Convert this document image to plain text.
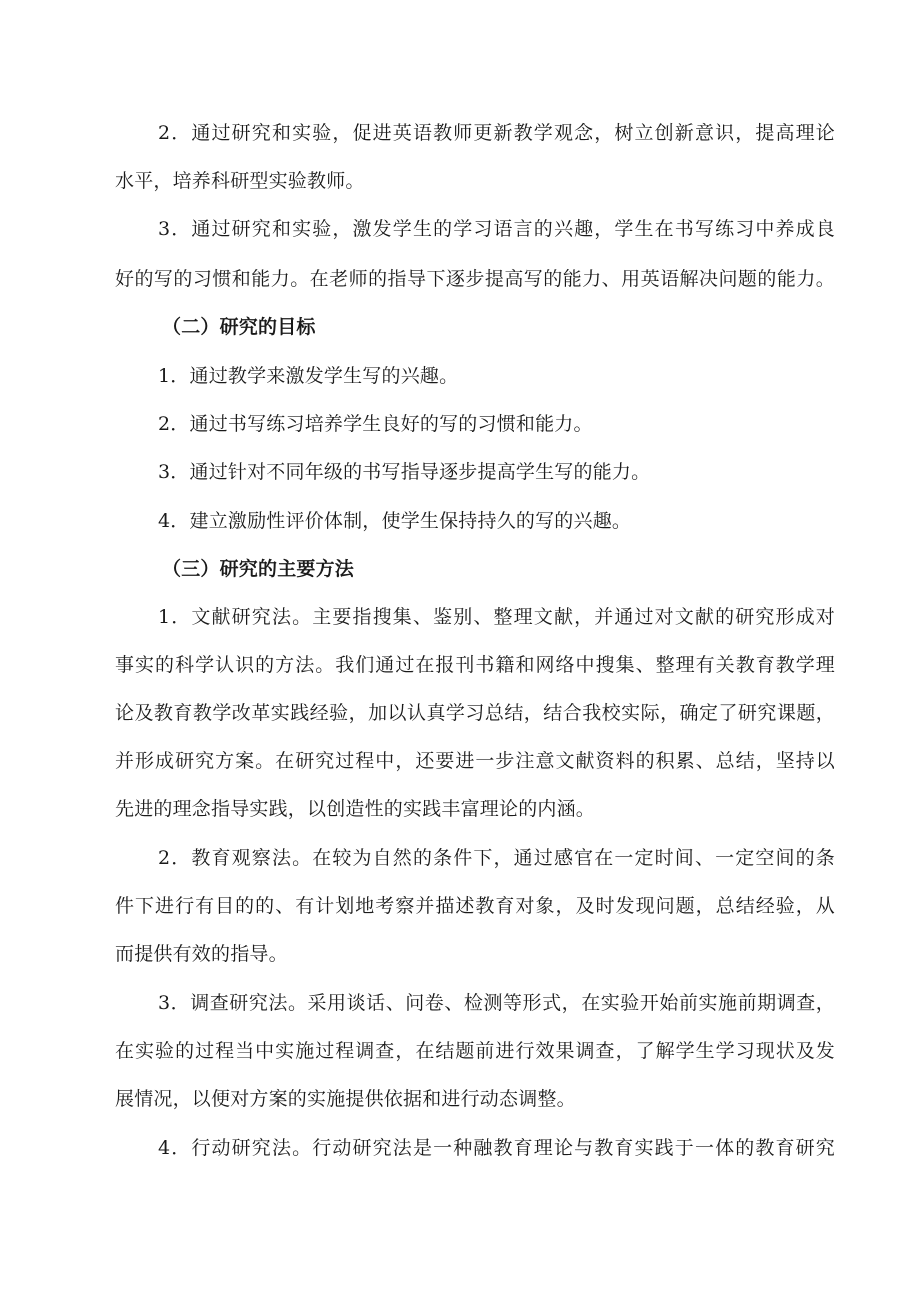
2．通过研究和实验，促进英语教师更新教学观念，树立创新意识，提高理论
水平，培养科研型实验教师。
3．通过研究和实验，激发学生的学习语言的兴趣，学生在书写练习中养成良
好的写的习惯和能力。在老师的指导下逐步提高写的能力、用英语解决问题的能力。
（二）研究的目标
1．通过教学来激发学生写的兴趣。
2．通过书写练习培养学生良好的写的习惯和能力。
3．通过针对不同年级的书写指导逐步提高学生写的能力。
4．建立激励性评价体制，使学生保持持久的写的兴趣。
（三）研究的主要方法
1．文献研究法。主要指搜集、鉴别、整理文献，并通过对文献的研究形成对
事实的科学认识的方法。我们通过在报刊书籍和网络中搜集、整理有关教育教学理
论及教育教学改革实践经验，加以认真学习总结，结合我校实际，确定了研究课题，
并形成研究方案。在研究过程中，还要进一步注意文献资料的积累、总结，坚持以
先进的理念指导实践，以创造性的实践丰富理论的内涵。
2．教育观察法。在较为自然的条件下，通过感官在一定时间、一定空间的条
件下进行有目的的、有计划地考察并描述教育对象，及时发现问题，总结经验，从
而提供有效的指导。
3．调查研究法。采用谈话、问卷、检测等形式，在实验开始前实施前期调查，
在实验的过程当中实施过程调查，在结题前进行效果调查，了解学生学习现状及发
展情况，以便对方案的实施提供依据和进行动态调整。
4．行动研究法。行动研究法是一种融教育理论与教育实践于一体的教育研究
